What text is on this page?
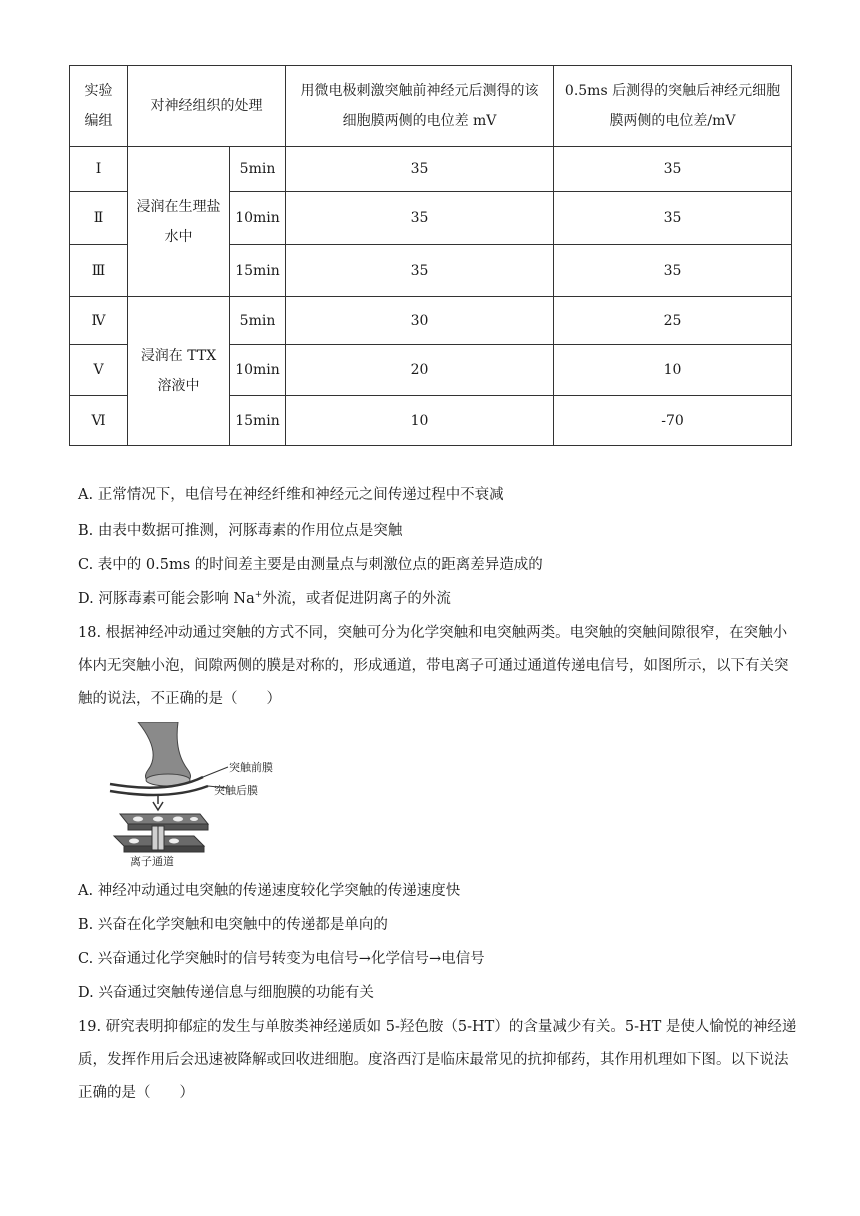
实验编组	对神经组织的处理		用微电极刺激突触前神经元后测得的该细胞膜两侧的电位差 mV	0.5ms 后测得的突触后神经元细胞膜两侧的电位差/mV
Ⅰ	浸润在生理盐水中	5min	35	35
Ⅱ		10min	35	35
Ⅲ		15min	35	35
Ⅳ	浸润在 TTX 溶液中	5min	30	25
Ⅴ		10min	20	10
Ⅵ		15min	10	-70
A. 正常情况下，电信号在神经纤维和神经元之间传递过程中不衰减
B. 由表中数据可推测，河豚毒素的作用位点是突触
C. 表中的 0.5ms 的时间差主要是由测量点与刺激位点的距离差异造成的
D. 河豚毒素可能会影响 Na+外流，或者促进阴离子的外流
18. 根据神经冲动通过突触的方式不同，突触可分为化学突触和电突触两类。电突触的突触间隙很窄，在突触小体内无突触小泡，间隙两侧的膜是对称的，形成通道，带电离子可通过通道传递电信号，如图所示，以下有关突触的说法，不正确的是（　　）
突触前膜
突触后膜
离子通道
A. 神经冲动通过电突触的传递速度较化学突触的传递速度快
B. 兴奋在化学突触和电突触中的传递都是单向的
C. 兴奋通过化学突触时的信号转变为电信号→化学信号→电信号
D. 兴奋通过突触传递信息与细胞膜的功能有关
19. 研究表明抑郁症的发生与单胺类神经递质如 5-羟色胺（5-HT）的含量减少有关。5-HT 是使人愉悦的神经递质，发挥作用后会迅速被降解或回收进细胞。度洛西汀是临床最常见的抗抑郁药，其作用机理如下图。以下说法正确的是（　　）
